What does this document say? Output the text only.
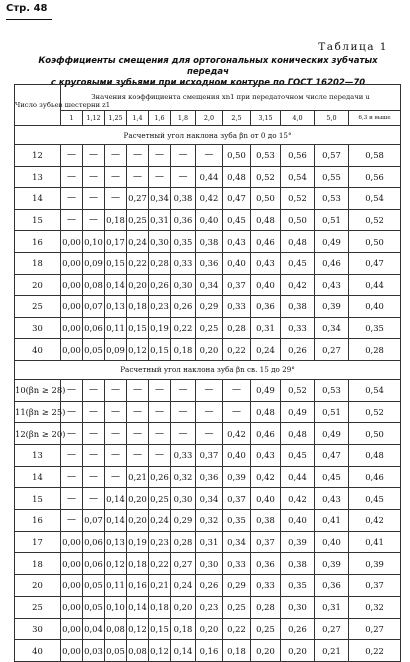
Стр. 48
Таблица 1
Коэффициенты смещения для ортогональных конических зубчатых передач
с круговыми зубьями при исходном контуре по ГОСТ 16202—70
Число зубьев шестерни z1	Значения коэффициента смещения xn1 при передаточном числе передачи u											
	1	1,12	1,25	1,4	1,6	1,8	2,0	2,5	3,15	4,0	5,0	6,3 и выше
Расчетный угол наклона зуба βn от 0 до 15°												
12	—	—	—	—	—	—	—	0,50	0,53	0,56	0,57	0,58
13	—	—	—	—	—	—	0,44	0,48	0,52	0,54	0,55	0,56
14	—	—	—	0,27	0,34	0,38	0,42	0,47	0,50	0,52	0,53	0,54
15	—	—	0,18	0,25	0,31	0,36	0,40	0,45	0,48	0,50	0,51	0,52
16	0,00	0,10	0,17	0,24	0,30	0,35	0,38	0,43	0,46	0,48	0,49	0,50
18	0,00	0,09	0,15	0,22	0,28	0,33	0,36	0,40	0,43	0,45	0,46	0,47
20	0,00	0,08	0,14	0,20	0,26	0,30	0,34	0,37	0,40	0,42	0,43	0,44
25	0,00	0,07	0,13	0,18	0,23	0,26	0,29	0,33	0,36	0,38	0,39	0,40
30	0,00	0,06	0,11	0,15	0,19	0,22	0,25	0,28	0,31	0,33	0,34	0,35
40	0,00	0,05	0,09	0,12	0,15	0,18	0,20	0,22	0,24	0,26	0,27	0,28
Расчетный угол наклона зуба βn св. 15 до 29°												
10(βn ≥ 28)	—	—	—	—	—	—	—	—	0,49	0,52	0,53	0,54
11(βn ≥ 25)	—	—	—	—	—	—	—	—	0,48	0,49	0,51	0,52
12(βn ≥ 20)	—	—	—	—	—	—	—	0,42	0,46	0,48	0,49	0,50
13	—	—	—	—	—	0,33	0,37	0,40	0,43	0,45	0,47	0,48
14	—	—	—	0,21	0,26	0,32	0,36	0,39	0,42	0,44	0,45	0,46
15	—	—	0,14	0,20	0,25	0,30	0,34	0,37	0,40	0,42	0,43	0,45
16	—	0,07	0,14	0,20	0,24	0,29	0,32	0,35	0,38	0,40	0,41	0,42
17	0,00	0,06	0,13	0,19	0,23	0,28	0,31	0,34	0,37	0,39	0,40	0,41
18	0,00	0,06	0,12	0,18	0,22	0,27	0,30	0,33	0,36	0,38	0,39	0,39
20	0,00	0,05	0,11	0,16	0,21	0,24	0,26	0,29	0,33	0,35	0,36	0,37
25	0,00	0,05	0,10	0,14	0,18	0,20	0,23	0,25	0,28	0,30	0,31	0,32
30	0,00	0,04	0,08	0,12	0,15	0,18	0,20	0,22	0,25	0,26	0,27	0,27
40	0,00	0,03	0,05	0,08	0,12	0,14	0,16	0,18	0,20	0,20	0,21	0,22
